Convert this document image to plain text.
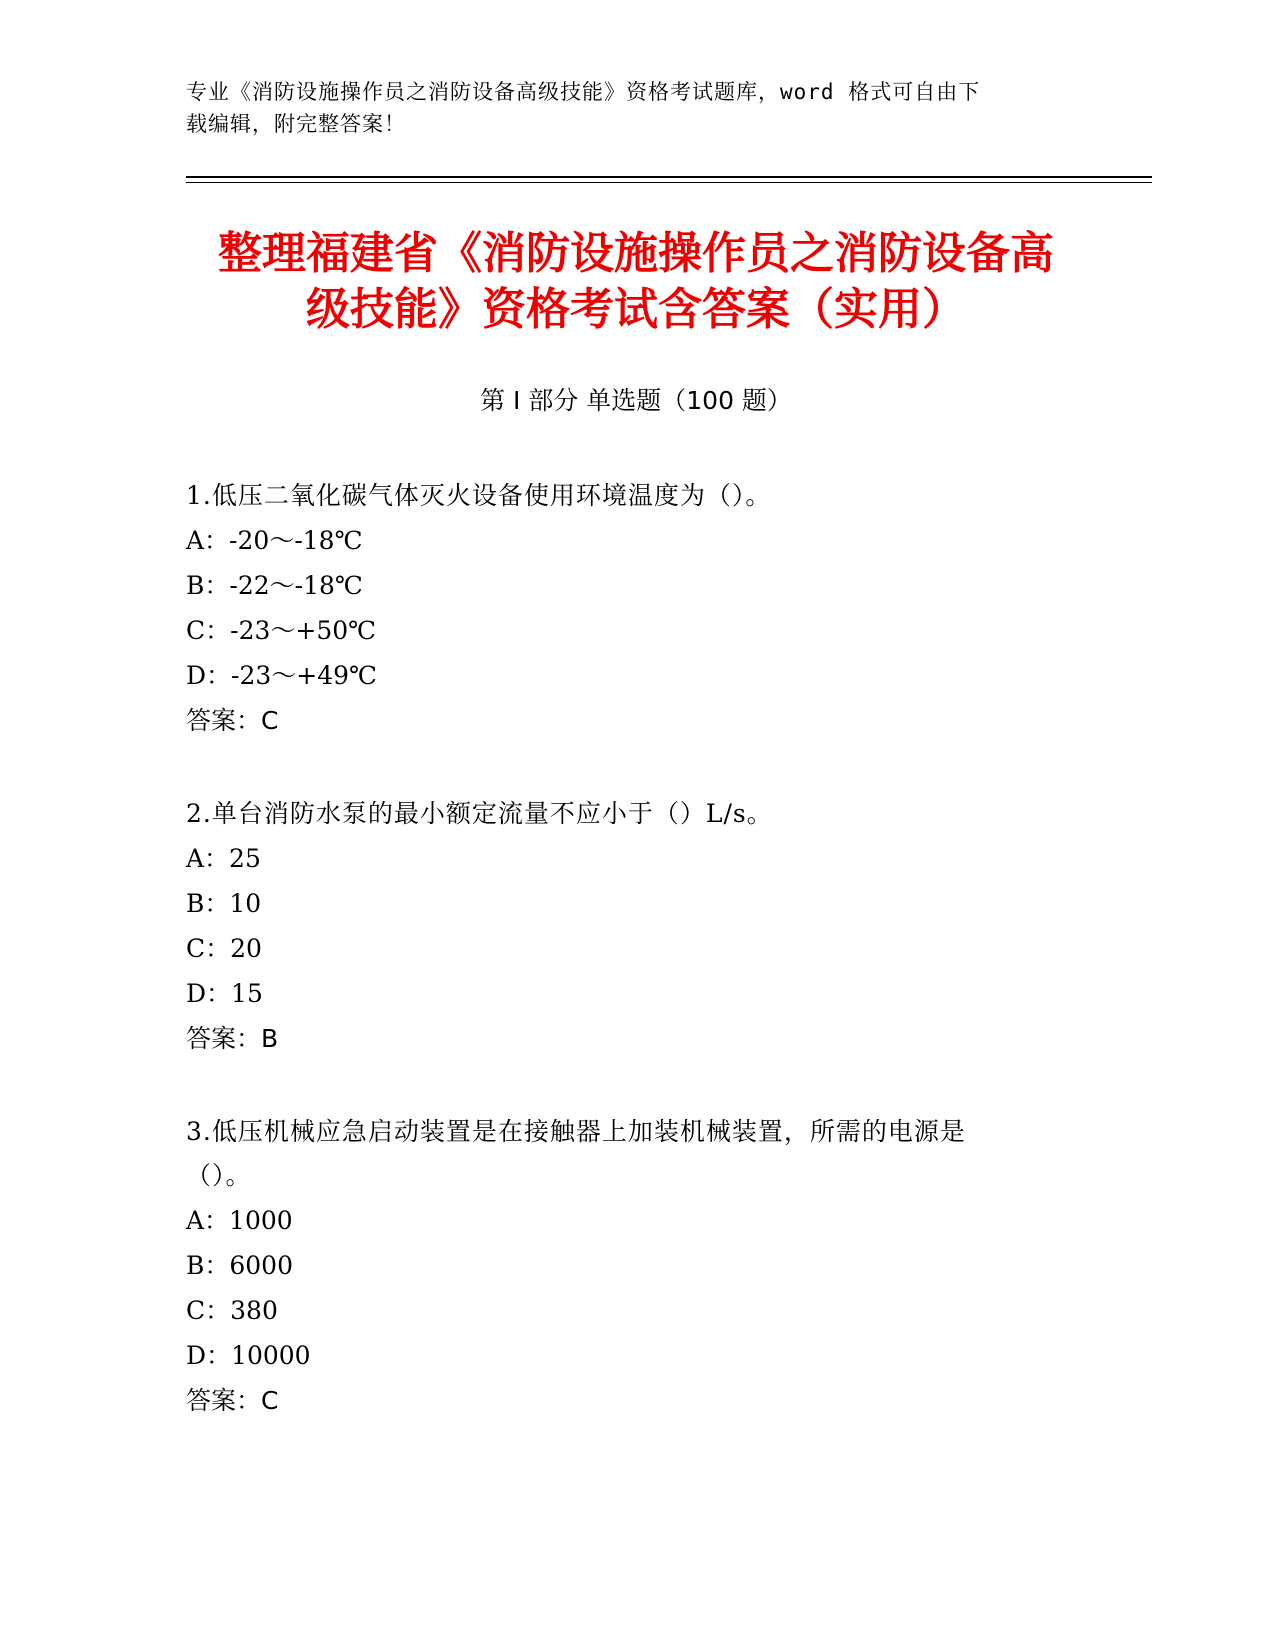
专业《消防设施操作员之消防设备高级技能》资格考试题库，word 格式可自由下
载编辑，附完整答案！
整理福建省《消防设施操作员之消防设备高
级技能》资格考试含答案（实用）
第 I 部分 单选题（100 题）
1.低压二氧化碳气体灭火设备使用环境温度为（）。
A：-20～-18℃
B：-22～-18℃
C：-23～+50℃
D：-23～+49℃
答案：C
2.单台消防水泵的最小额定流量不应小于（）L/s。
A：25
B：10
C：20
D：15
答案：B
3.低压机械应急启动装置是在接触器上加装机械装置，所需的电源是
（）。
A：1000
B：6000
C：380
D：10000
答案：C
